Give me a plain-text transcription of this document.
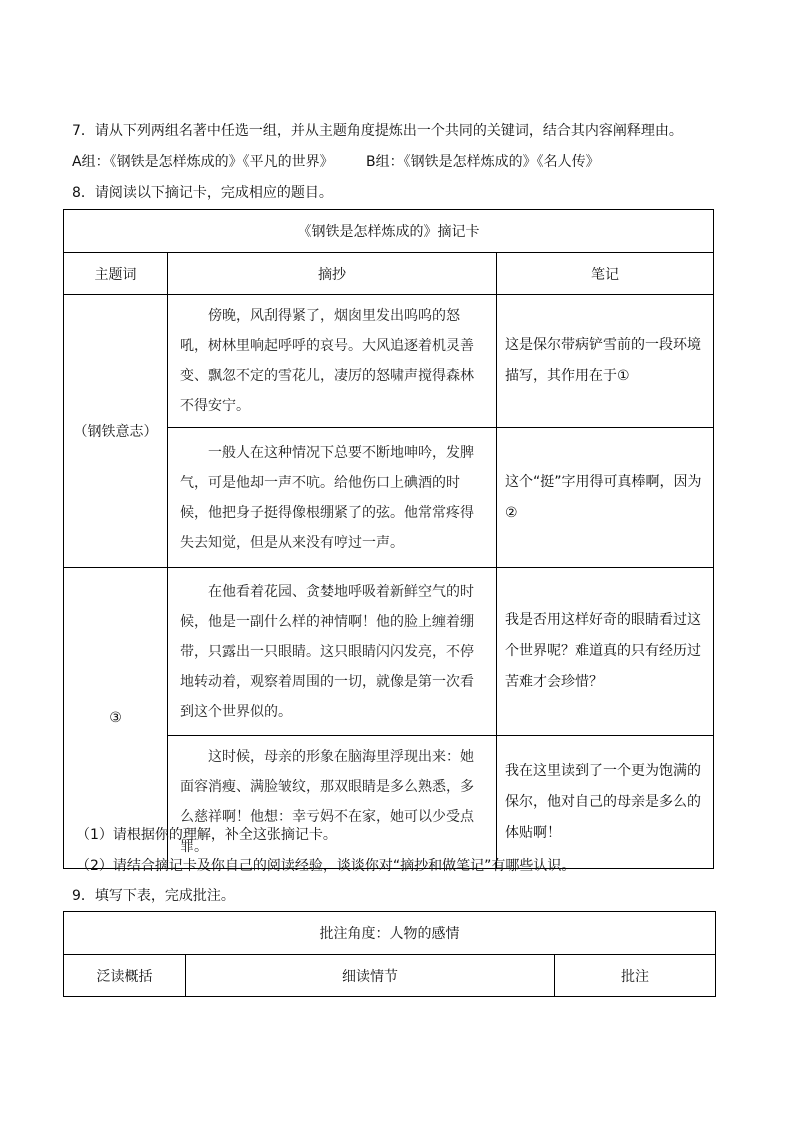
7．请从下列两组名著中任选一组，并从主题角度提炼出一个共同的关键词，结合其内容阐释理由。
A组：《钢铁是怎样炼成的》《平凡的世界》 B组：《钢铁是怎样炼成的》《名人传》
8．请阅读以下摘记卡，完成相应的题目。
《钢铁是怎样炼成的》摘记卡		
主题词	摘抄	笔记
（钢铁意志）	傍晚，风刮得紧了，烟囱里发出呜呜的怒吼，树林里响起呼呼的哀号。大风追逐着机灵善变、飘忽不定的雪花儿，凄厉的怒啸声搅得森林不得安宁。	这是保尔带病铲雪前的一段环境描写，其作用在于①
	一般人在这种情况下总要不断地呻吟，发脾气，可是他却一声不吭。给他伤口上碘酒的时候，他把身子挺得像根绷紧了的弦。他常常疼得失去知觉，但是从来没有哼过一声。	这个“挺”字用得可真棒啊，因为②
③	在他看着花园、贪婪地呼吸着新鲜空气的时候，他是一副什么样的神情啊！他的脸上缠着绷带，只露出一只眼睛。这只眼睛闪闪发亮，不停地转动着，观察着周围的一切，就像是第一次看到这个世界似的。	我是否用这样好奇的眼睛看过这个世界呢？难道真的只有经历过苦难才会珍惜？
	这时候，母亲的形象在脑海里浮现出来：她面容消瘦、满脸皱纹，那双眼睛是多么熟悉，多么慈祥啊！他想：幸亏妈不在家，她可以少受点罪。	我在这里读到了一个更为饱满的保尔，他对自己的母亲是多么的体贴啊！
（1）请根据你的理解，补全这张摘记卡。
（2）请结合摘记卡及你自己的阅读经验，谈谈你对“摘抄和做笔记”有哪些认识。
9．填写下表，完成批注。
批注角度：人物的感情
泛读概括	细读情节	批注
